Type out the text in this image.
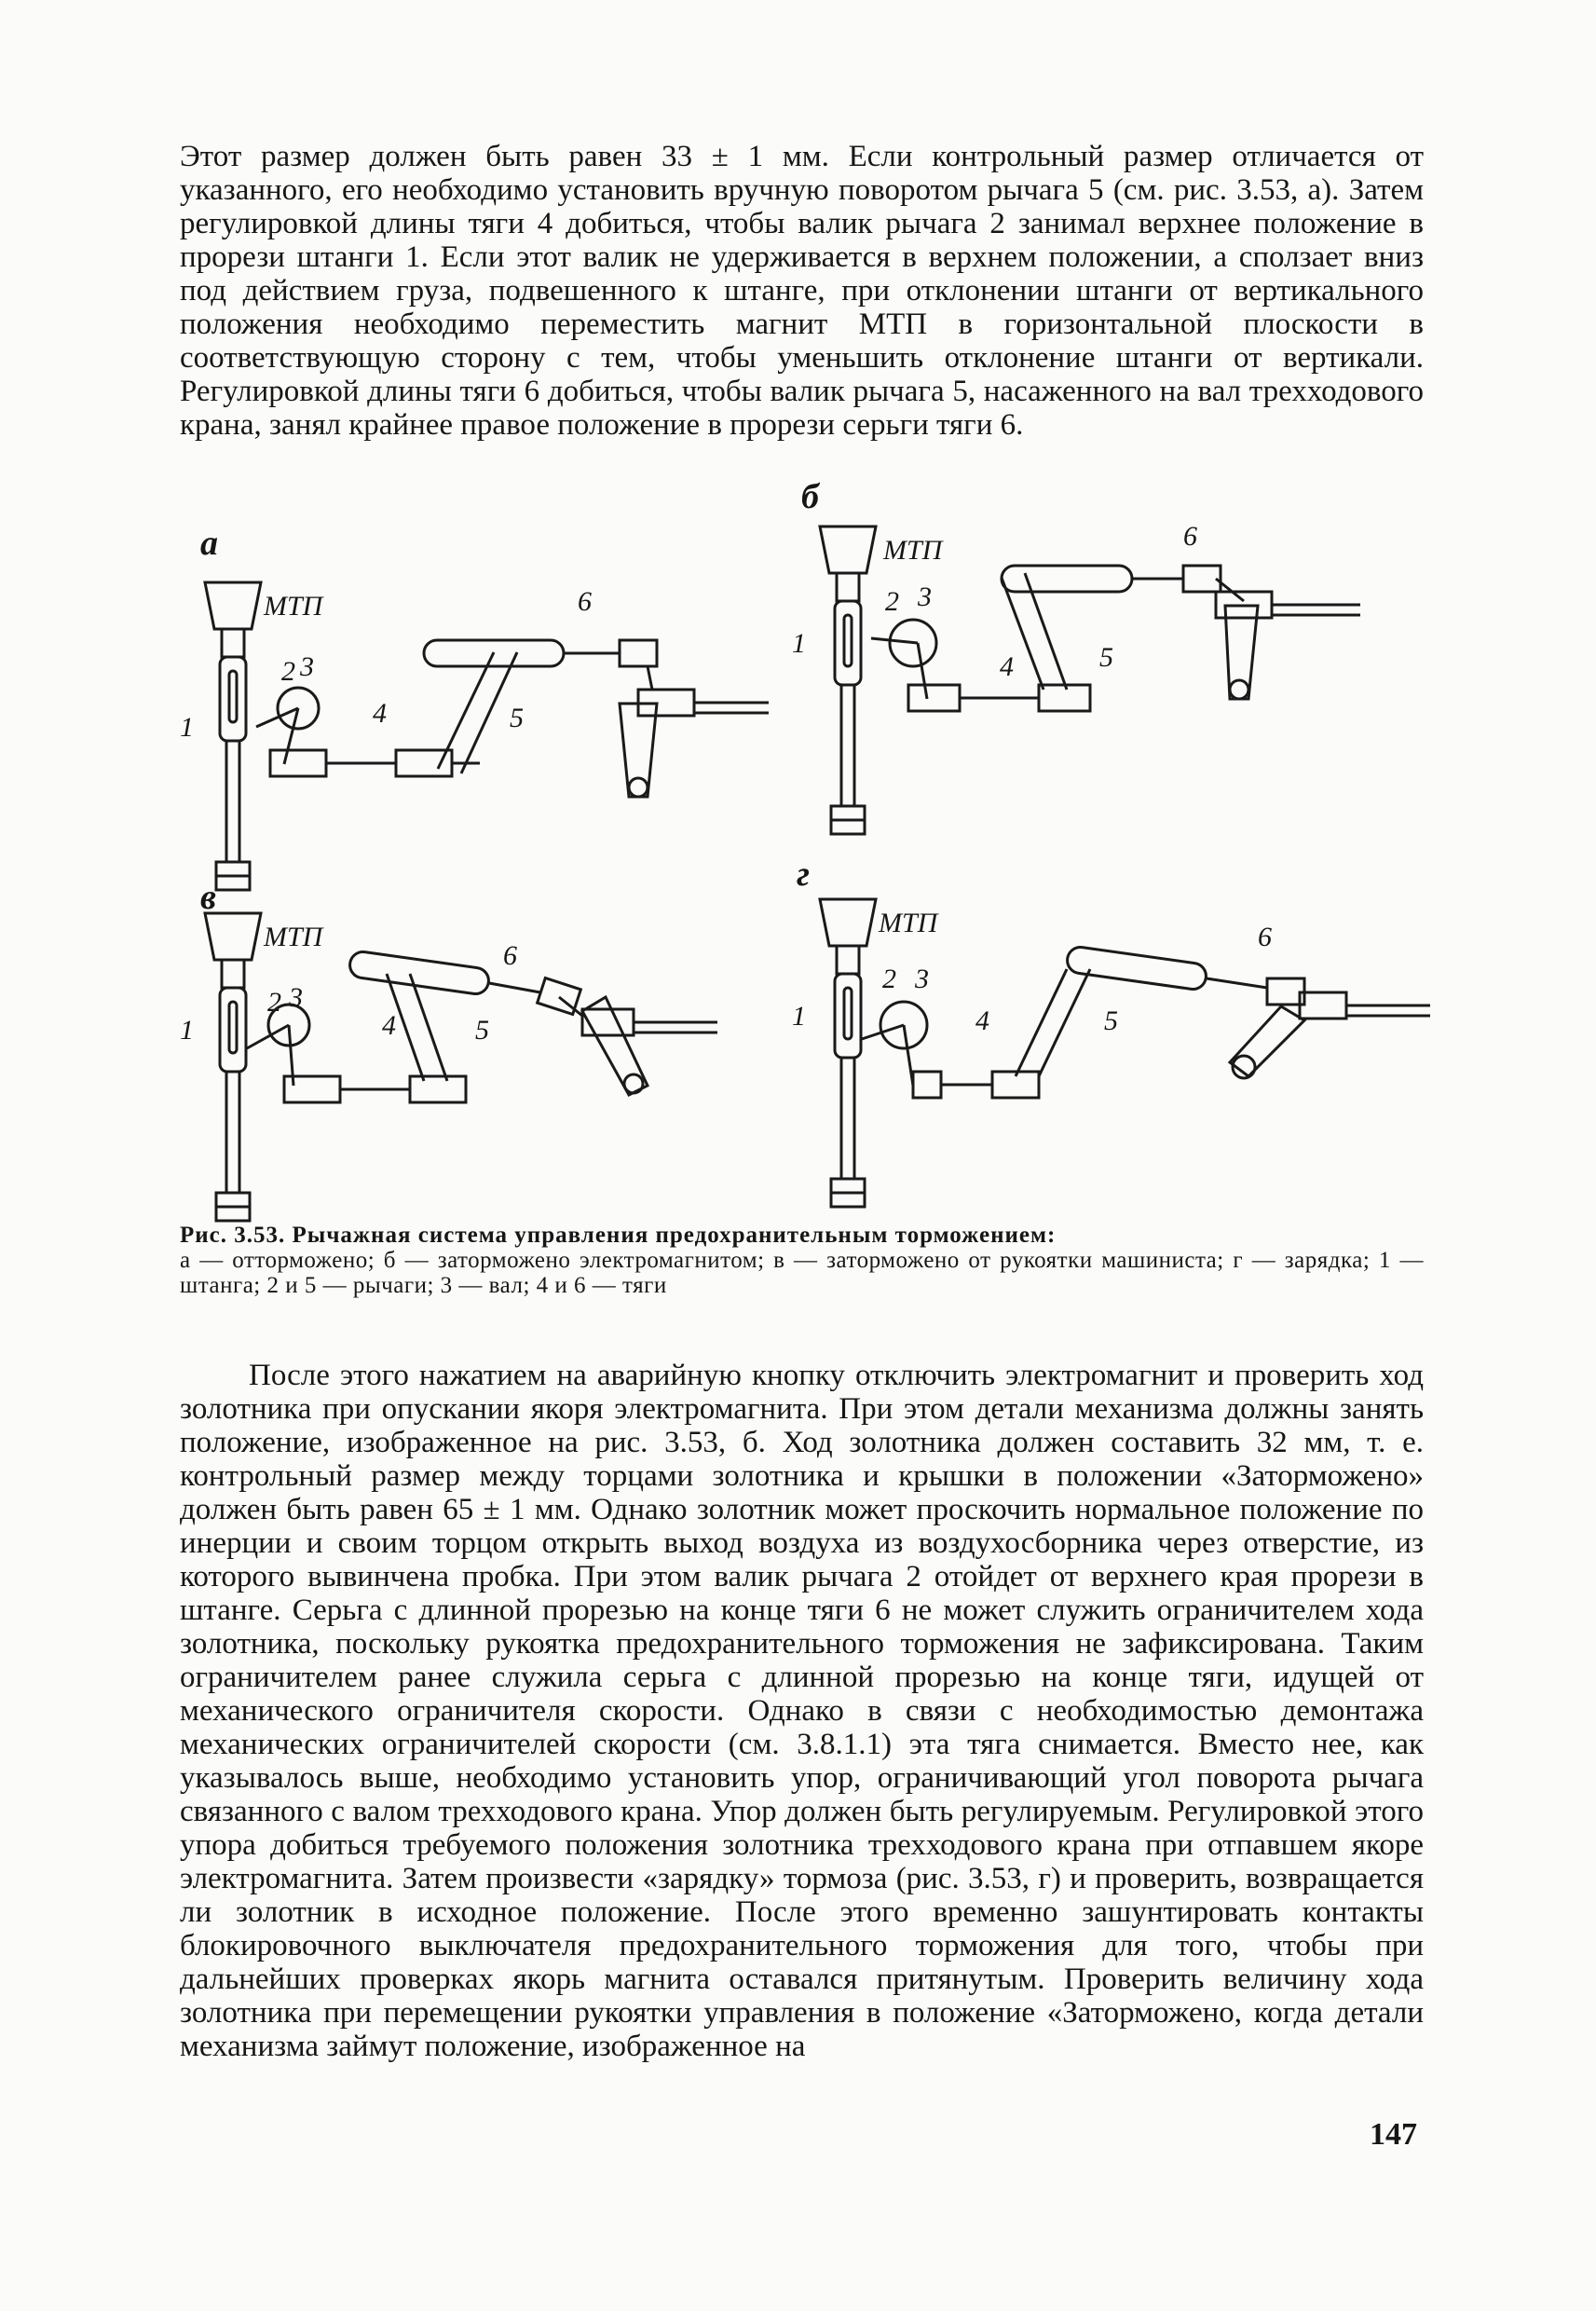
Этот размер должен быть равен 33 ± 1 мм. Если контрольный размер отличается от указанного, его необходимо установить вручную поворотом рычага 5 (см. рис. 3.53, а). Затем регулировкой длины тяги 4 добиться, чтобы валик рычага 2 занимал верхнее положение в прорези штанги 1. Если этот валик не удерживается в верхнем положении, а сползает вниз под действием груза, подвешенного к штанге, при отклонении штанги от вертикального положения необходимо переместить магнит МТП в горизонтальной плоскости в соответствующую сторону с тем, чтобы уменьшить отклонение штанги от вертикали. Регулировкой длины тяги 6 добиться, чтобы валик рычага 5, насаженного на вал трехходового крана, занял крайнее правое положение в прорези серьги тяги 6.

а
МТП
1
2 3
4	5
6
б
МТП
1
2 3
4	5
6
в
МТП
1
2 3
4	5
6
г
МТП
1
2 3
4	5
6
Рис. 3.53. Рычажная система управления предохранительным торможением:
а — отторможено; б — заторможено электромагнитом; в — заторможено от рукоятки машиниста; г — зарядка; 1 — штанга; 2 и 5 — рычаги; 3 — вал; 4 и 6 — тяги

После этого нажатием на аварийную кнопку отключить электромагнит и проверить ход золотника при опускании якоря электромагнита. При этом детали механизма должны занять положение, изображенное на рис. 3.53, б. Ход золотника должен составить 32 мм, т. е. контрольный размер между торцами золотника и крышки в положении «Заторможено» должен быть равен 65 ± 1 мм. Однако золотник может проскочить нормальное положение по инерции и своим торцом открыть выход воздуха из воздухосборника через отверстие, из которого вывинчена пробка. При этом валик рычага 2 отойдет от верхнего края прорези в штанге. Серьга с длинной прорезью на конце тяги 6 не может служить ограничителем хода золотника, поскольку рукоятка предохранительного торможения не зафиксирована. Таким ограничителем ранее служила серьга с длинной прорезью на конце тяги, идущей от механического ограничителя скорости. Однако в связи с необходимостью демонтажа механических ограничителей скорости (см. 3.8.1.1) эта тяга снимается. Вместо нее, как указывалось выше, необходимо установить упор, ограничивающий угол поворота рычага связанного с валом трехходового крана. Упор должен быть регулируемым. Регулировкой этого упора добиться требуемого положения золотника трехходового крана при отпавшем якоре электромагнита. Затем произвести «зарядку» тормоза (рис. 3.53, г) и проверить, возвращается ли золотник в исходное положение. После этого временно зашунтировать контакты блокировочного выключателя предохранительного торможения для того, чтобы при дальнейших проверках якорь магнита оставался притянутым. Проверить величину хода золотника при перемещении рукоятки управления в положение «Заторможено, когда детали механизма займут положение, изображенное на

147
